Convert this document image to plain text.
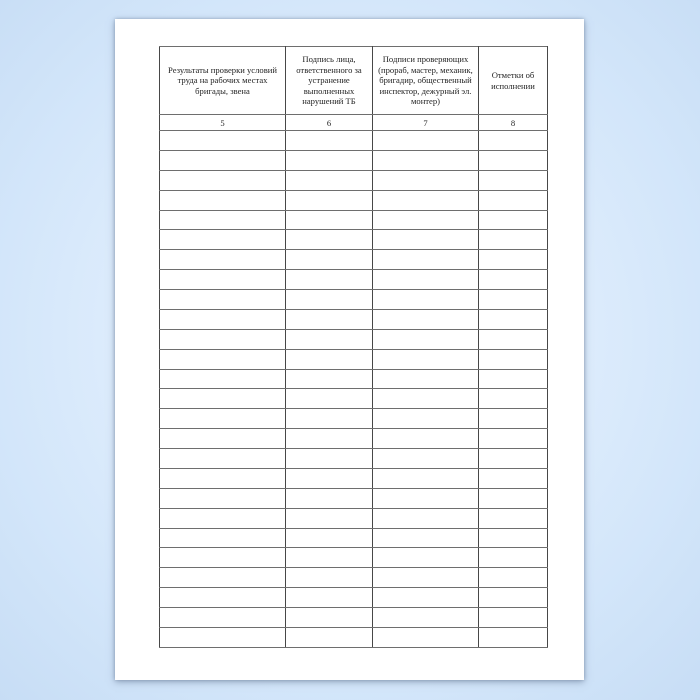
Результаты проверки условий труда на рабочих местах бригады, звена	Подпись лица, ответственного за устранение выполненных нарушений ТБ	Подписи проверяющих (прораб, мастер, механик, бригадир, общественный инспектор, дежурный эл. монтер)	Отметки об исполнении
5	6	7	8
